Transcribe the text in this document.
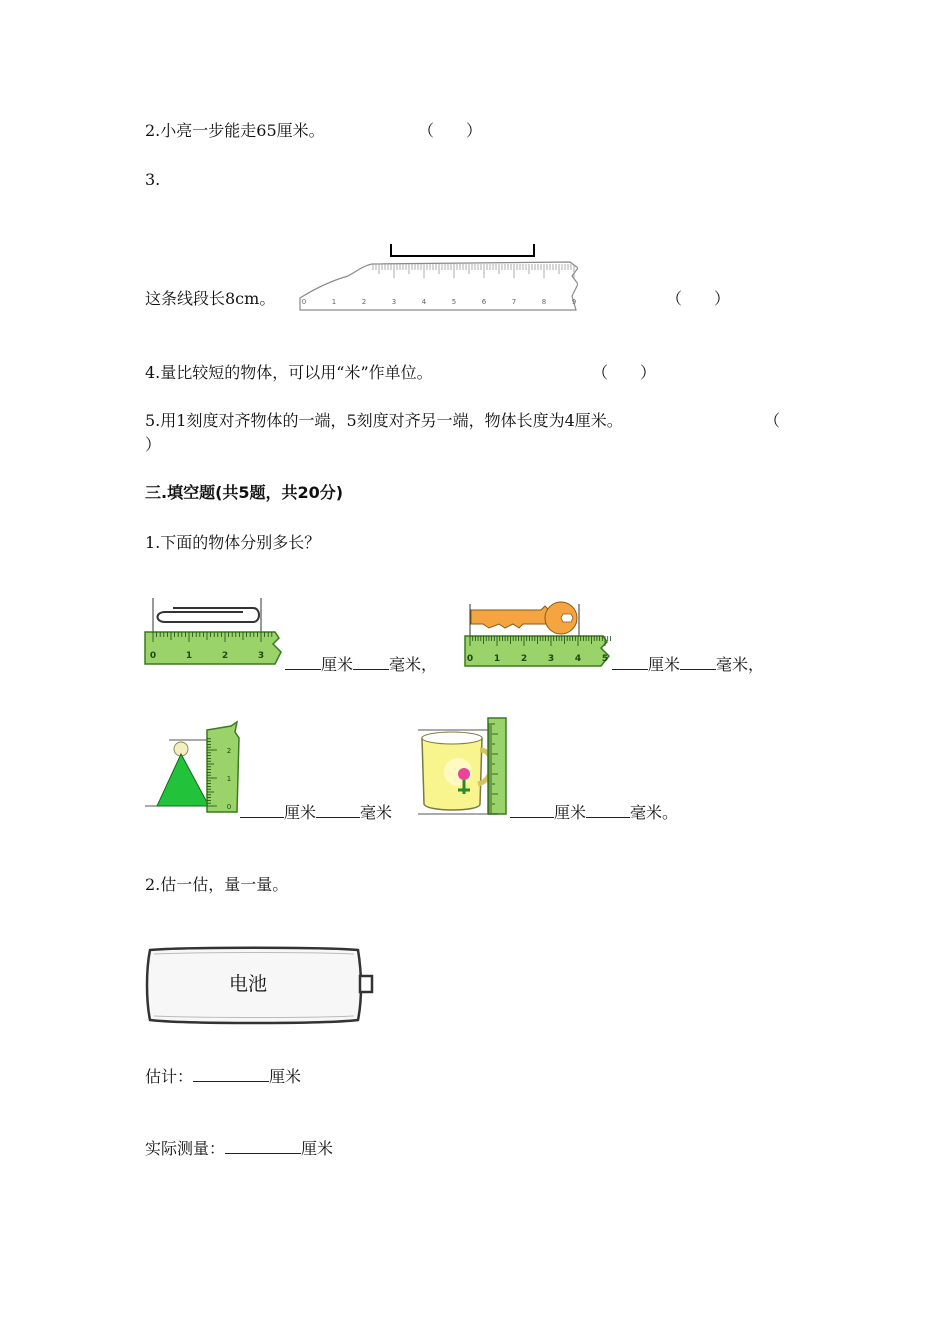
2.小亮一步能走65厘米。	（　　）
3.
0	1	2	3	4	5	6	7	8	9
这条线段长8cm。	（　　）
4.量比较短的物体，可以用“米”作单位。	（　　）
5.用1刻度对齐物体的一端，5刻度对齐另一端，物体长度为4厘米。	（
）
三.填空题(共5题，共20分)
1.下面的物体分别多长？
0	1	2	3	厘米 毫米，	0 1 2 3 4 5	厘米 毫米，
0
1
2
厘米	毫米	厘米	毫米。
2.估一估，量一量。
电池
估计：	厘米
实际测量：	厘米
